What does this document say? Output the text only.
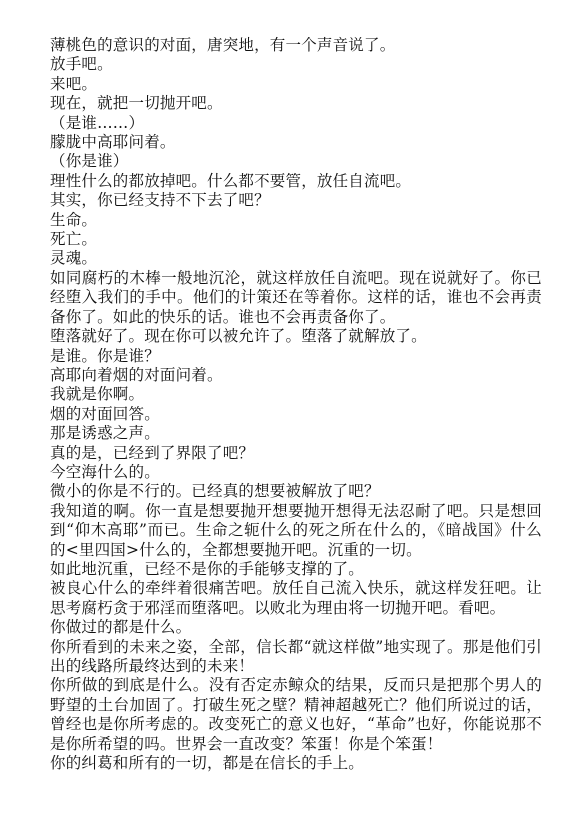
薄桃色的意识的对面，唐突地，有一个声音说了。

放手吧。

来吧。

现在，就把一切抛开吧。

（是谁……）

朦胧中高耶问着。

（你是谁）

理性什么的都放掉吧。什么都不要管，放任自流吧。

其实，你已经支持不下去了吧？

生命。

死亡。

灵魂。

如同腐朽的木棒一般地沉沦，就这样放任自流吧。现在说就好了。你已经堕入我们的手中。他们的计策还在等着你。这样的话，谁也不会再责备你了。如此的快乐的话。谁也不会再责备你了。

堕落就好了。现在你可以被允许了。堕落了就解放了。

是谁。你是谁？

高耶向着烟的对面问着。

我就是你啊。

烟的对面回答。

那是诱惑之声。

真的是，已经到了界限了吧？

今空海什么的。

微小的你是不行的。已经真的想要被解放了吧？

我知道的啊。你一直是想要抛开想要抛开想得无法忍耐了吧。只是想回到“仰木高耶”而已。生命之轭什么的死之所在什么的，《暗战国》什么的<里四国>什么的，全都想要抛开吧。沉重的一切。

如此地沉重，已经不是你的手能够支撑的了。

被良心什么的牵绊着很痛苦吧。放任自己流入快乐，就这样发狂吧。让思考腐朽贪于邪淫而堕落吧。以败北为理由将一切抛开吧。看吧。

你做过的都是什么。

你所看到的未来之姿，全部，信长都“就这样做”地实现了。那是他们引出的线路所最终达到的未来！

你所做的到底是什么。没有否定赤鲸众的结果，反而只是把那个男人的野望的土台加固了。打破生死之壁？精神超越死亡？他们所说过的话，曾经也是你所考虑的。改变死亡的意义也好，“革命”也好，你能说那不是你所希望的吗。世界会一直改变？笨蛋！你是个笨蛋！

你的纠葛和所有的一切，都是在信长的手上。
